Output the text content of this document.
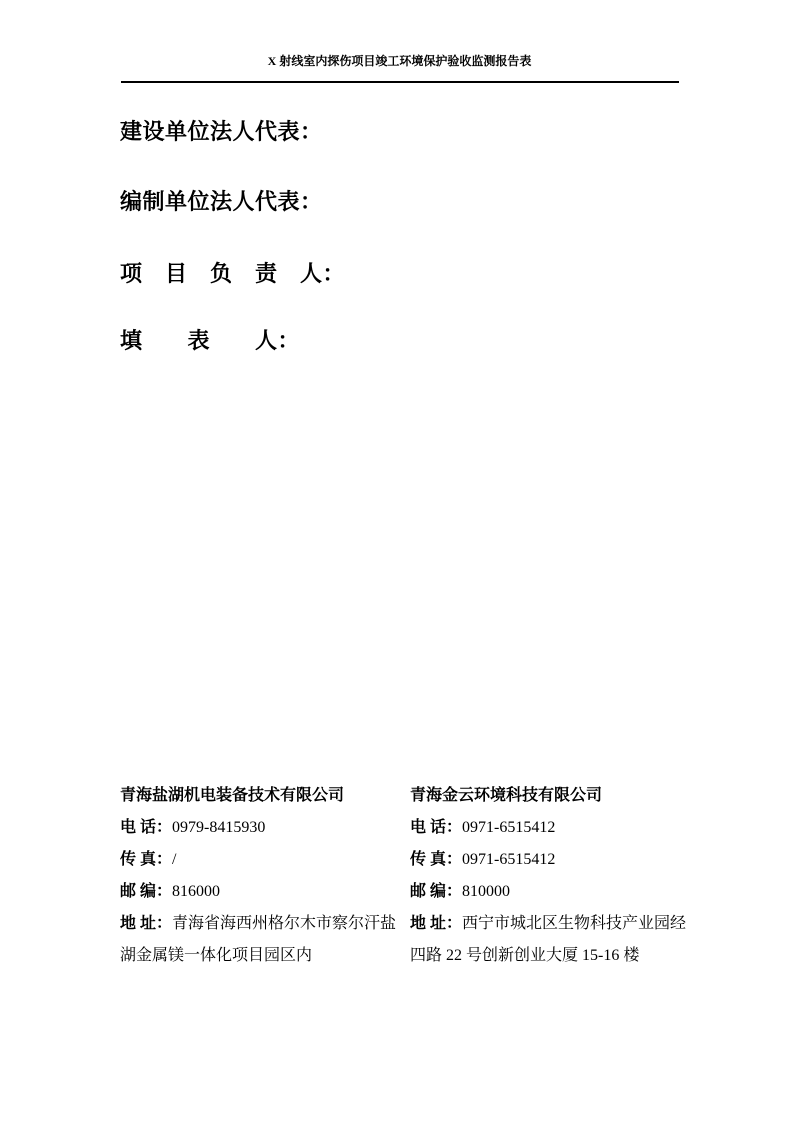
X 射线室内探伤项目竣工环境保护验收监测报告表
建设单位法人代表：
编制单位法人代表：
项　目　负　责　人：
填　　表　　人：
青海盐湖机电装备技术有限公司
电 话：0979-8415930
传 真：/
邮 编：816000
地 址：青海省海西州格尔木市察尔汗盐
湖金属镁一体化项目园区内
青海金云环境科技有限公司
电 话：0971-6515412
传 真：0971-6515412
邮 编：810000
地 址：西宁市城北区生物科技产业园经
四路 22 号创新创业大厦 15-16 楼
